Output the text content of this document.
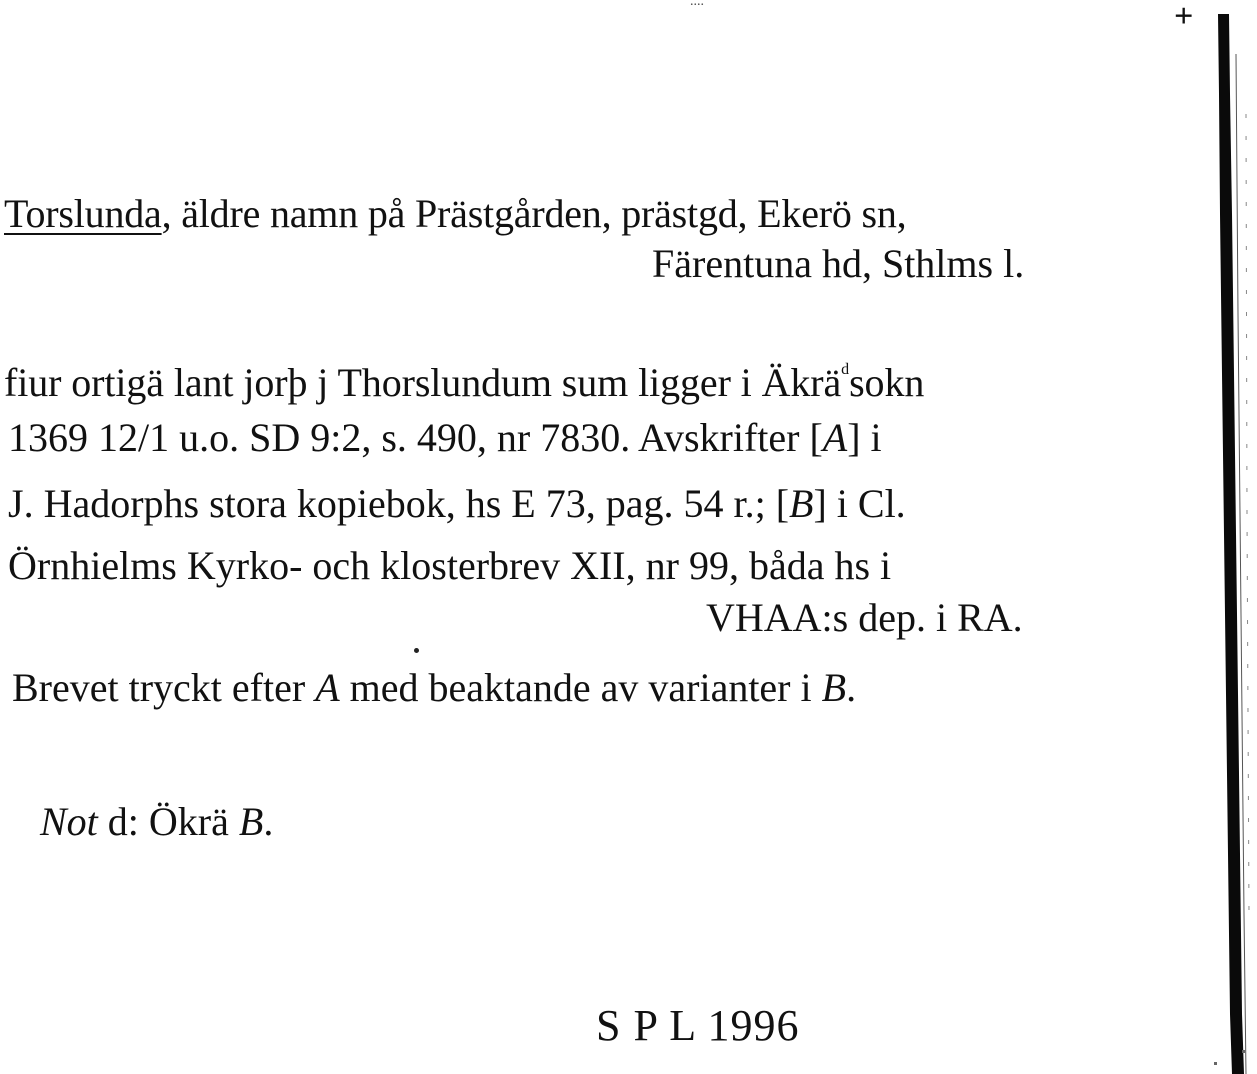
....	+
Torslunda, äldre namn på Prästgården, prästgd, Ekerö sn,
Färentuna hd, Sthlms l.
fiur ortigä lant jorþ j Thorslundum sum ligger i Äkrä$^d$sokn
1369 12/1 u.o. SD 9:2, s. 490, nr 7830. Avskrifter [A] i
J. Hadorphs stora kopiebok, hs E 73, pag. 54 r.; [B] i Cl.
Örnhielms Kyrko- och klosterbrev XII, nr 99, båda hs i
VHAA:s dep. i RA.
Brevet tryckt efter A med beaktande av varianter i B.
Not d: Ökrä B.
S P L 1996
